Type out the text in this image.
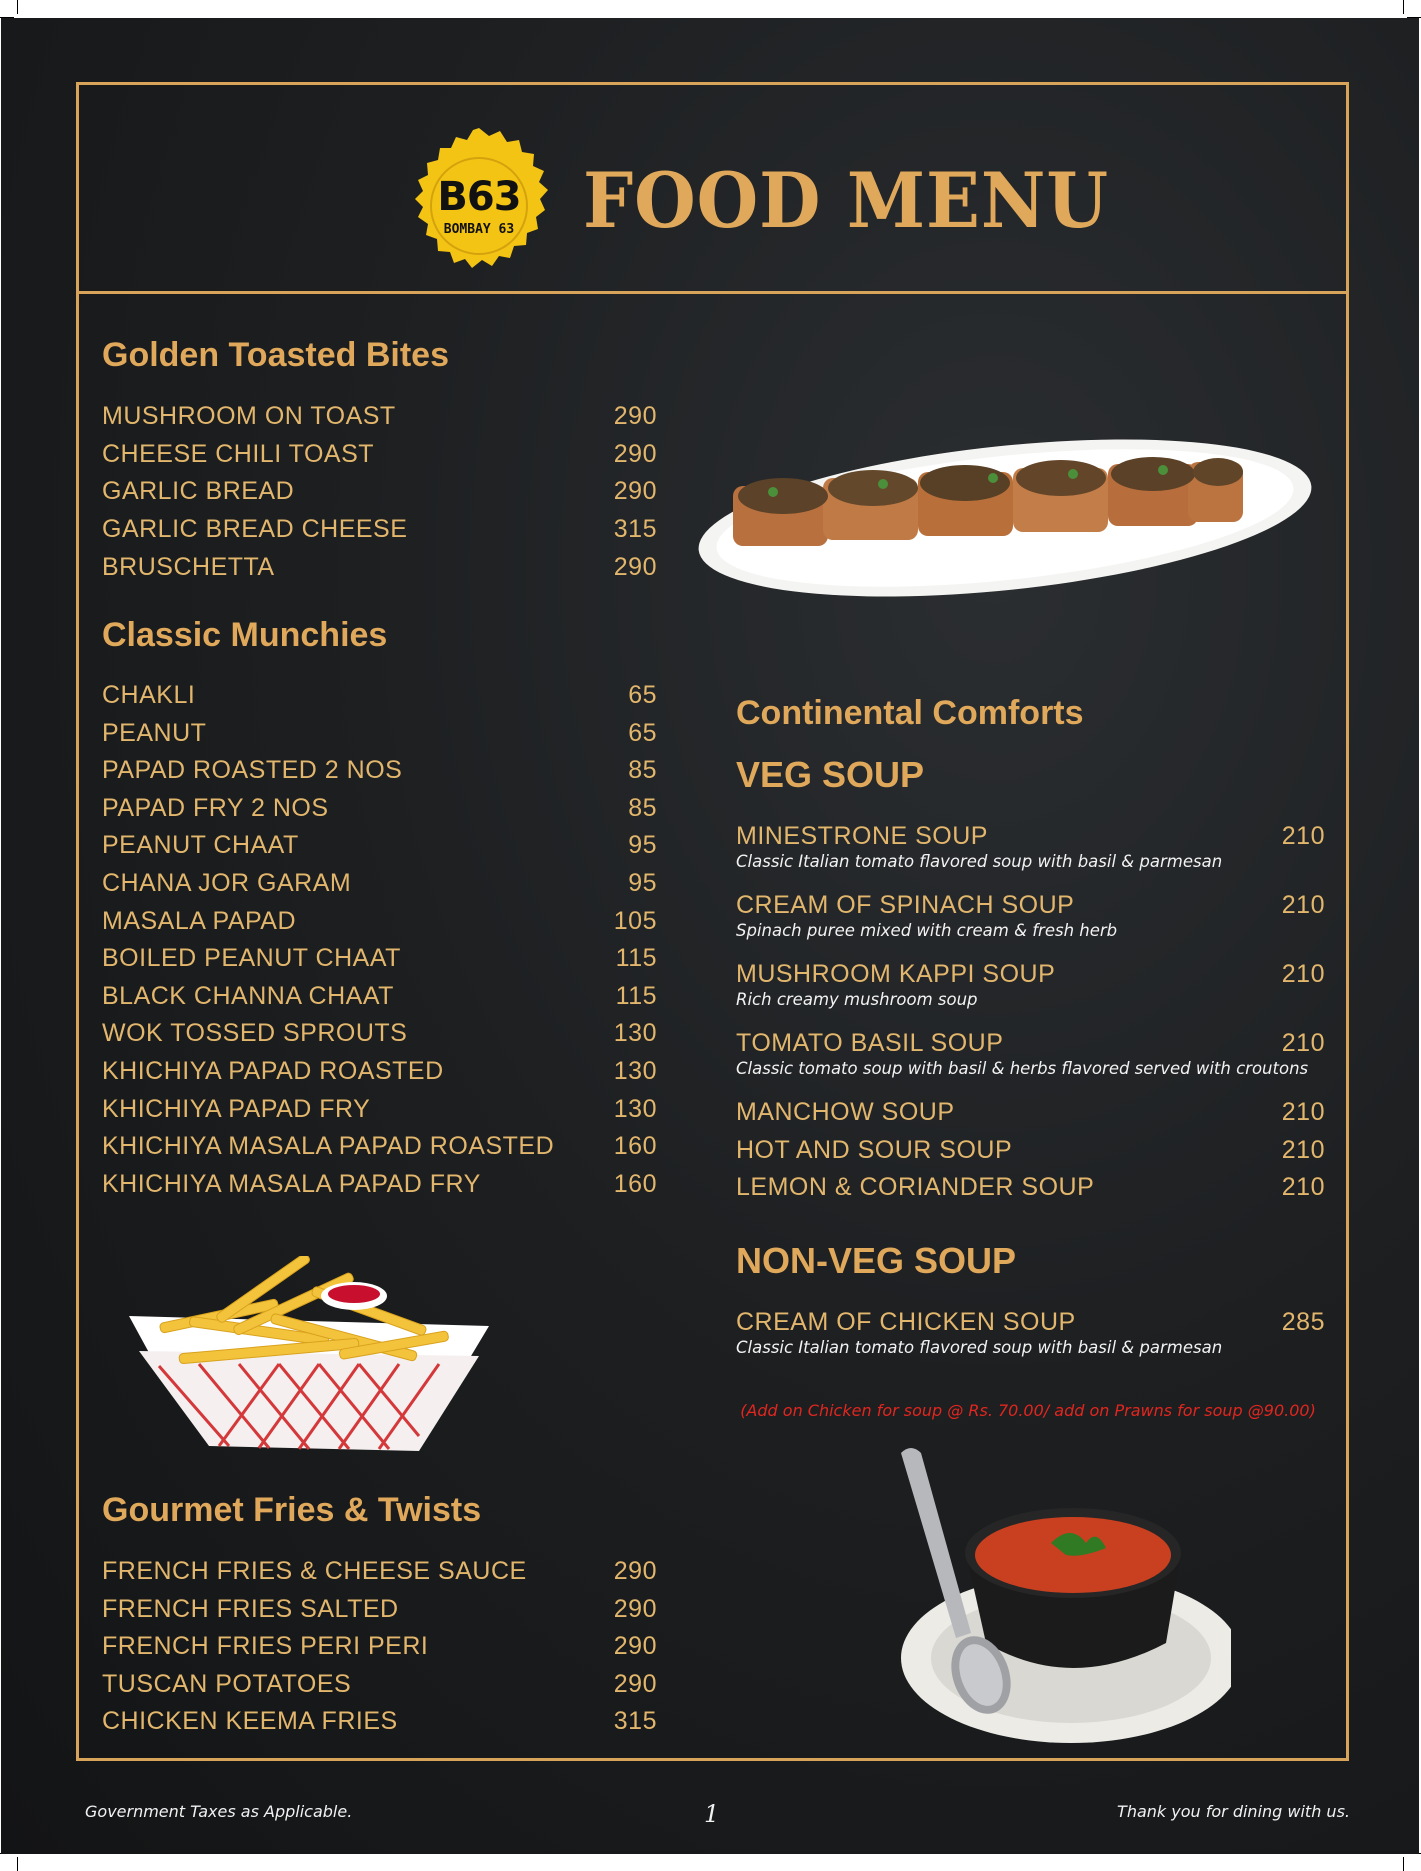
B63
BOMBAY 63 FOOD MENU
Golden Toasted Bites
MUSHROOM ON TOAST	290
CHEESE CHILI TOAST	290
GARLIC BREAD	290
GARLIC BREAD CHEESE	315
BRUSCHETTA	290
Classic Munchies
CHAKLI	65
PEANUT	65
PAPAD ROASTED 2 NOS	85
PAPAD FRY 2 NOS	85
PEANUT CHAAT	95
CHANA JOR GARAM	95
MASALA PAPAD	105
BOILED PEANUT CHAAT	115
BLACK CHANNA CHAAT	115
WOK TOSSED SPROUTS	130
KHICHIYA PAPAD ROASTED	130
KHICHIYA PAPAD FRY	130
KHICHIYA MASALA PAPAD ROASTED 160
KHICHIYA MASALA PAPAD FRY	160
Gourmet Fries & Twists
FRENCH FRIES & CHEESE SAUCE	290
FRENCH FRIES SALTED	290
FRENCH FRIES PERI PERI	290
TUSCAN POTATOES	290
CHICKEN KEEMA FRIES	315
Continental Comforts
VEG SOUP
MINESTRONE SOUP	210
Classic Italian tomato flavored soup with basil & parmesan
CREAM OF SPINACH SOUP	210
Spinach puree mixed with cream & fresh herb
MUSHROOM KAPPI SOUP	210
Rich creamy mushroom soup
TOMATO BASIL SOUP	210
Classic tomato soup with basil & herbs flavored served with croutons
MANCHOW SOUP	210
HOT AND SOUR SOUP	210
LEMON & CORIANDER SOUP	210
NON-VEG SOUP
CREAM OF CHICKEN SOUP	285
Classic Italian tomato flavored soup with basil & parmesan
(Add on Chicken for soup @ Rs. 70.00/ add on Prawns for soup @90.00)
Government Taxes as Applicable.	1	Thank you for dining with us.
